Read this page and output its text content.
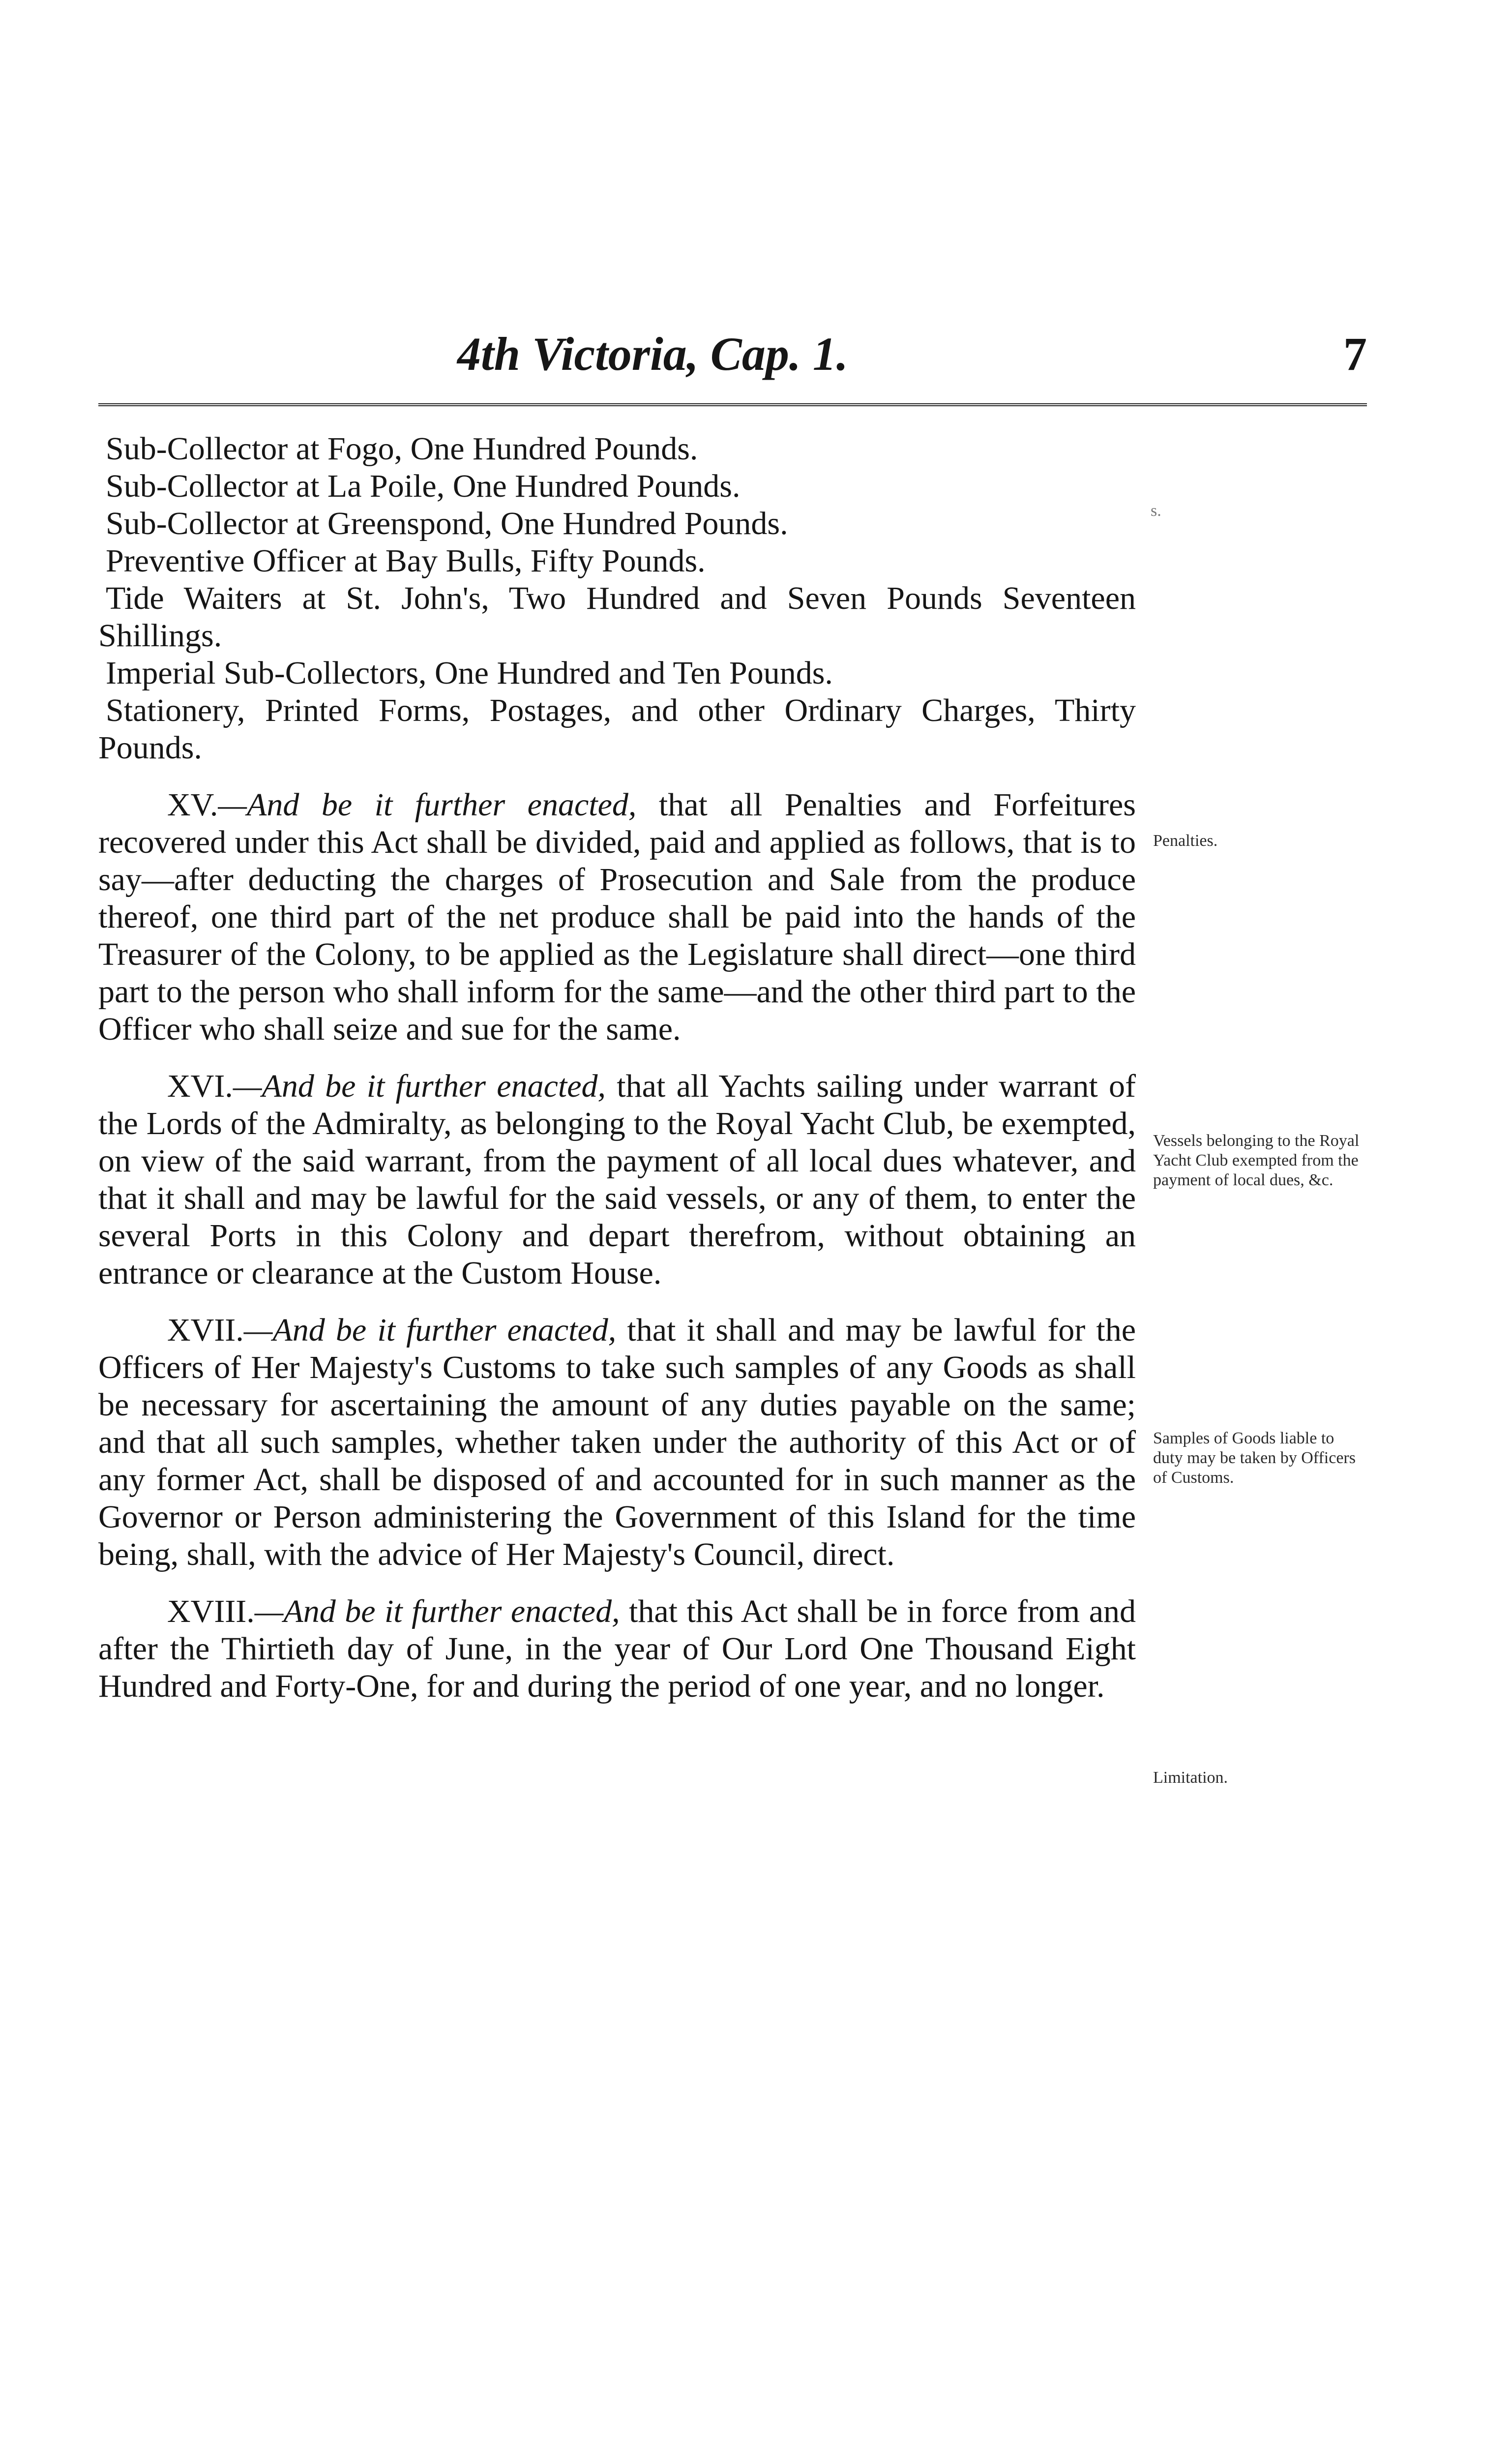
4th Victoria, Cap. 1.	7
s.

Sub-Collector at Fogo, One Hundred Pounds.

Sub-Collector at La Poile, One Hundred Pounds.

Sub-Collector at Greenspond, One Hundred Pounds.

Preventive Officer at Bay Bulls, Fifty Pounds.

Tide Waiters at St. John's, Two Hundred and Seven Pounds Seventeen Shillings.

Imperial Sub-Collectors, One Hundred and Ten Pounds.

Stationery, Printed Forms, Postages, and other Ordinary Charges, Thirty Pounds.

XV.—And be it further enacted, that all Penalties and Forfeitures recovered under this Act shall be divided, paid and applied as follows, that is to say—after deducting the charges of Prosecution and Sale from the produce thereof, one third part of the net produce shall be paid into the hands of the Treasurer of the Colony, to be applied as the Legislature shall direct—one third part to the person who shall inform for the same—and the other third part to the Officer who shall seize and sue for the same.

XVI.—And be it further enacted, that all Yachts sailing under warrant of the Lords of the Admiralty, as belonging to the Royal Yacht Club, be exempted, on view of the said warrant, from the payment of all local dues whatever, and that it shall and may be lawful for the said vessels, or any of them, to enter the several Ports in this Colony and depart therefrom, without obtaining an entrance or clearance at the Custom House.

XVII.—And be it further enacted, that it shall and may be lawful for the Officers of Her Majesty's Customs to take such samples of any Goods as shall be necessary for ascertaining the amount of any duties payable on the same; and that all such samples, whether taken under the authority of this Act or of any former Act, shall be disposed of and accounted for in such manner as the Governor or Person administering the Government of this Island for the time being, shall, with the advice of Her Majesty's Council, direct.

XVIII.—And be it further enacted, that this Act shall be in force from and after the Thirtieth day of June, in the year of Our Lord One Thousand Eight Hundred and Forty-One, for and during the period of one year, and no longer.

Penalties.
Vessels belonging to the Royal Yacht Club exempted from the payment of local dues, &c.
Samples of Goods liable to duty may be taken by Officers of Customs.
Limitation.
